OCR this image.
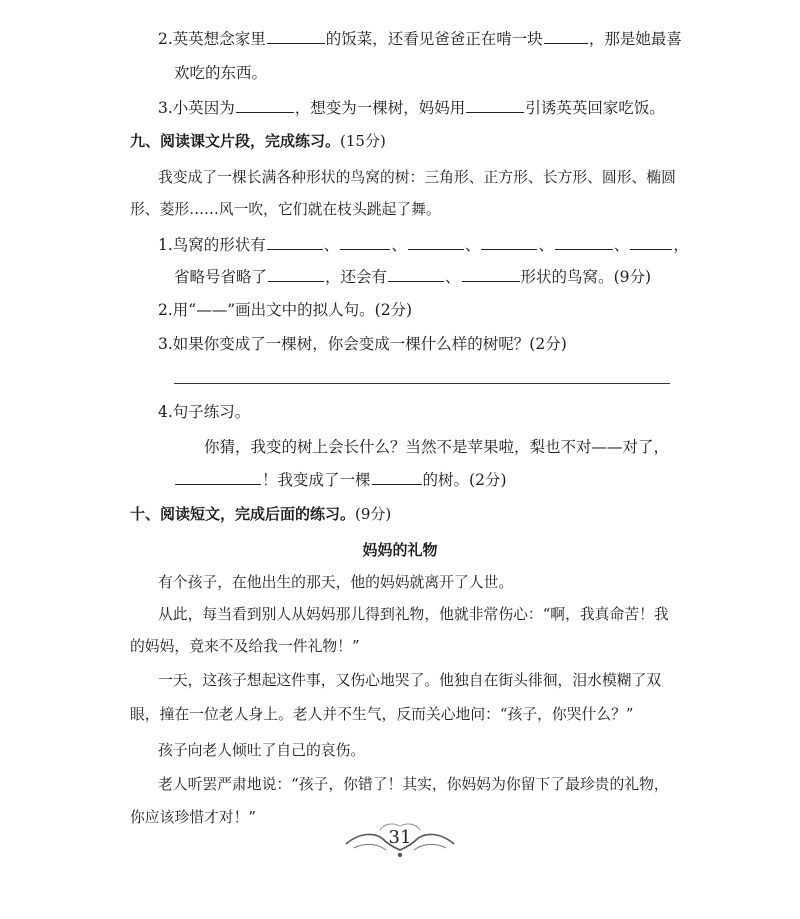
2.英英想念家里	的饭菜，还看见爸爸正在啃一块	，那是她最喜
欢吃的东西。
3.小英因为	，想变为一棵树，妈妈用	引诱英英回家吃饭。
九、阅读课文片段，完成练习。(15分)
我变成了一棵长满各种形状的鸟窝的树：三角形、正方形、长方形、圆形、椭圆
形、菱形……风一吹，它们就在枝头跳起了舞。
1.鸟窝的形状有	、	、	、	、	、	，
省略号省略了	，还会有	、	形状的鸟窝。(9分)
2.用“——”画出文中的拟人句。(2分)
3.如果你变成了一棵树，你会变成一棵什么样的树呢？(2分)
4.句子练习。
你猜，我变的树上会长什么？当然不是苹果啦，梨也不对——对了，
！我变成了一棵	的树。(2分)
十、阅读短文，完成后面的练习。(9分)
妈妈的礼物
有个孩子，在他出生的那天，他的妈妈就离开了人世。
从此，每当看到别人从妈妈那儿得到礼物，他就非常伤心：“啊，我真命苦！我
的妈妈，竟来不及给我一件礼物！”
一天，这孩子想起这件事，又伤心地哭了。他独自在街头徘徊，泪水模糊了双
眼，撞在一位老人身上。老人并不生气，反而关心地问：“孩子，你哭什么？”
孩子向老人倾吐了自己的哀伤。
老人听罢严肃地说：“孩子，你错了！其实，你妈妈为你留下了最珍贵的礼物，
你应该珍惜才对！”
31
